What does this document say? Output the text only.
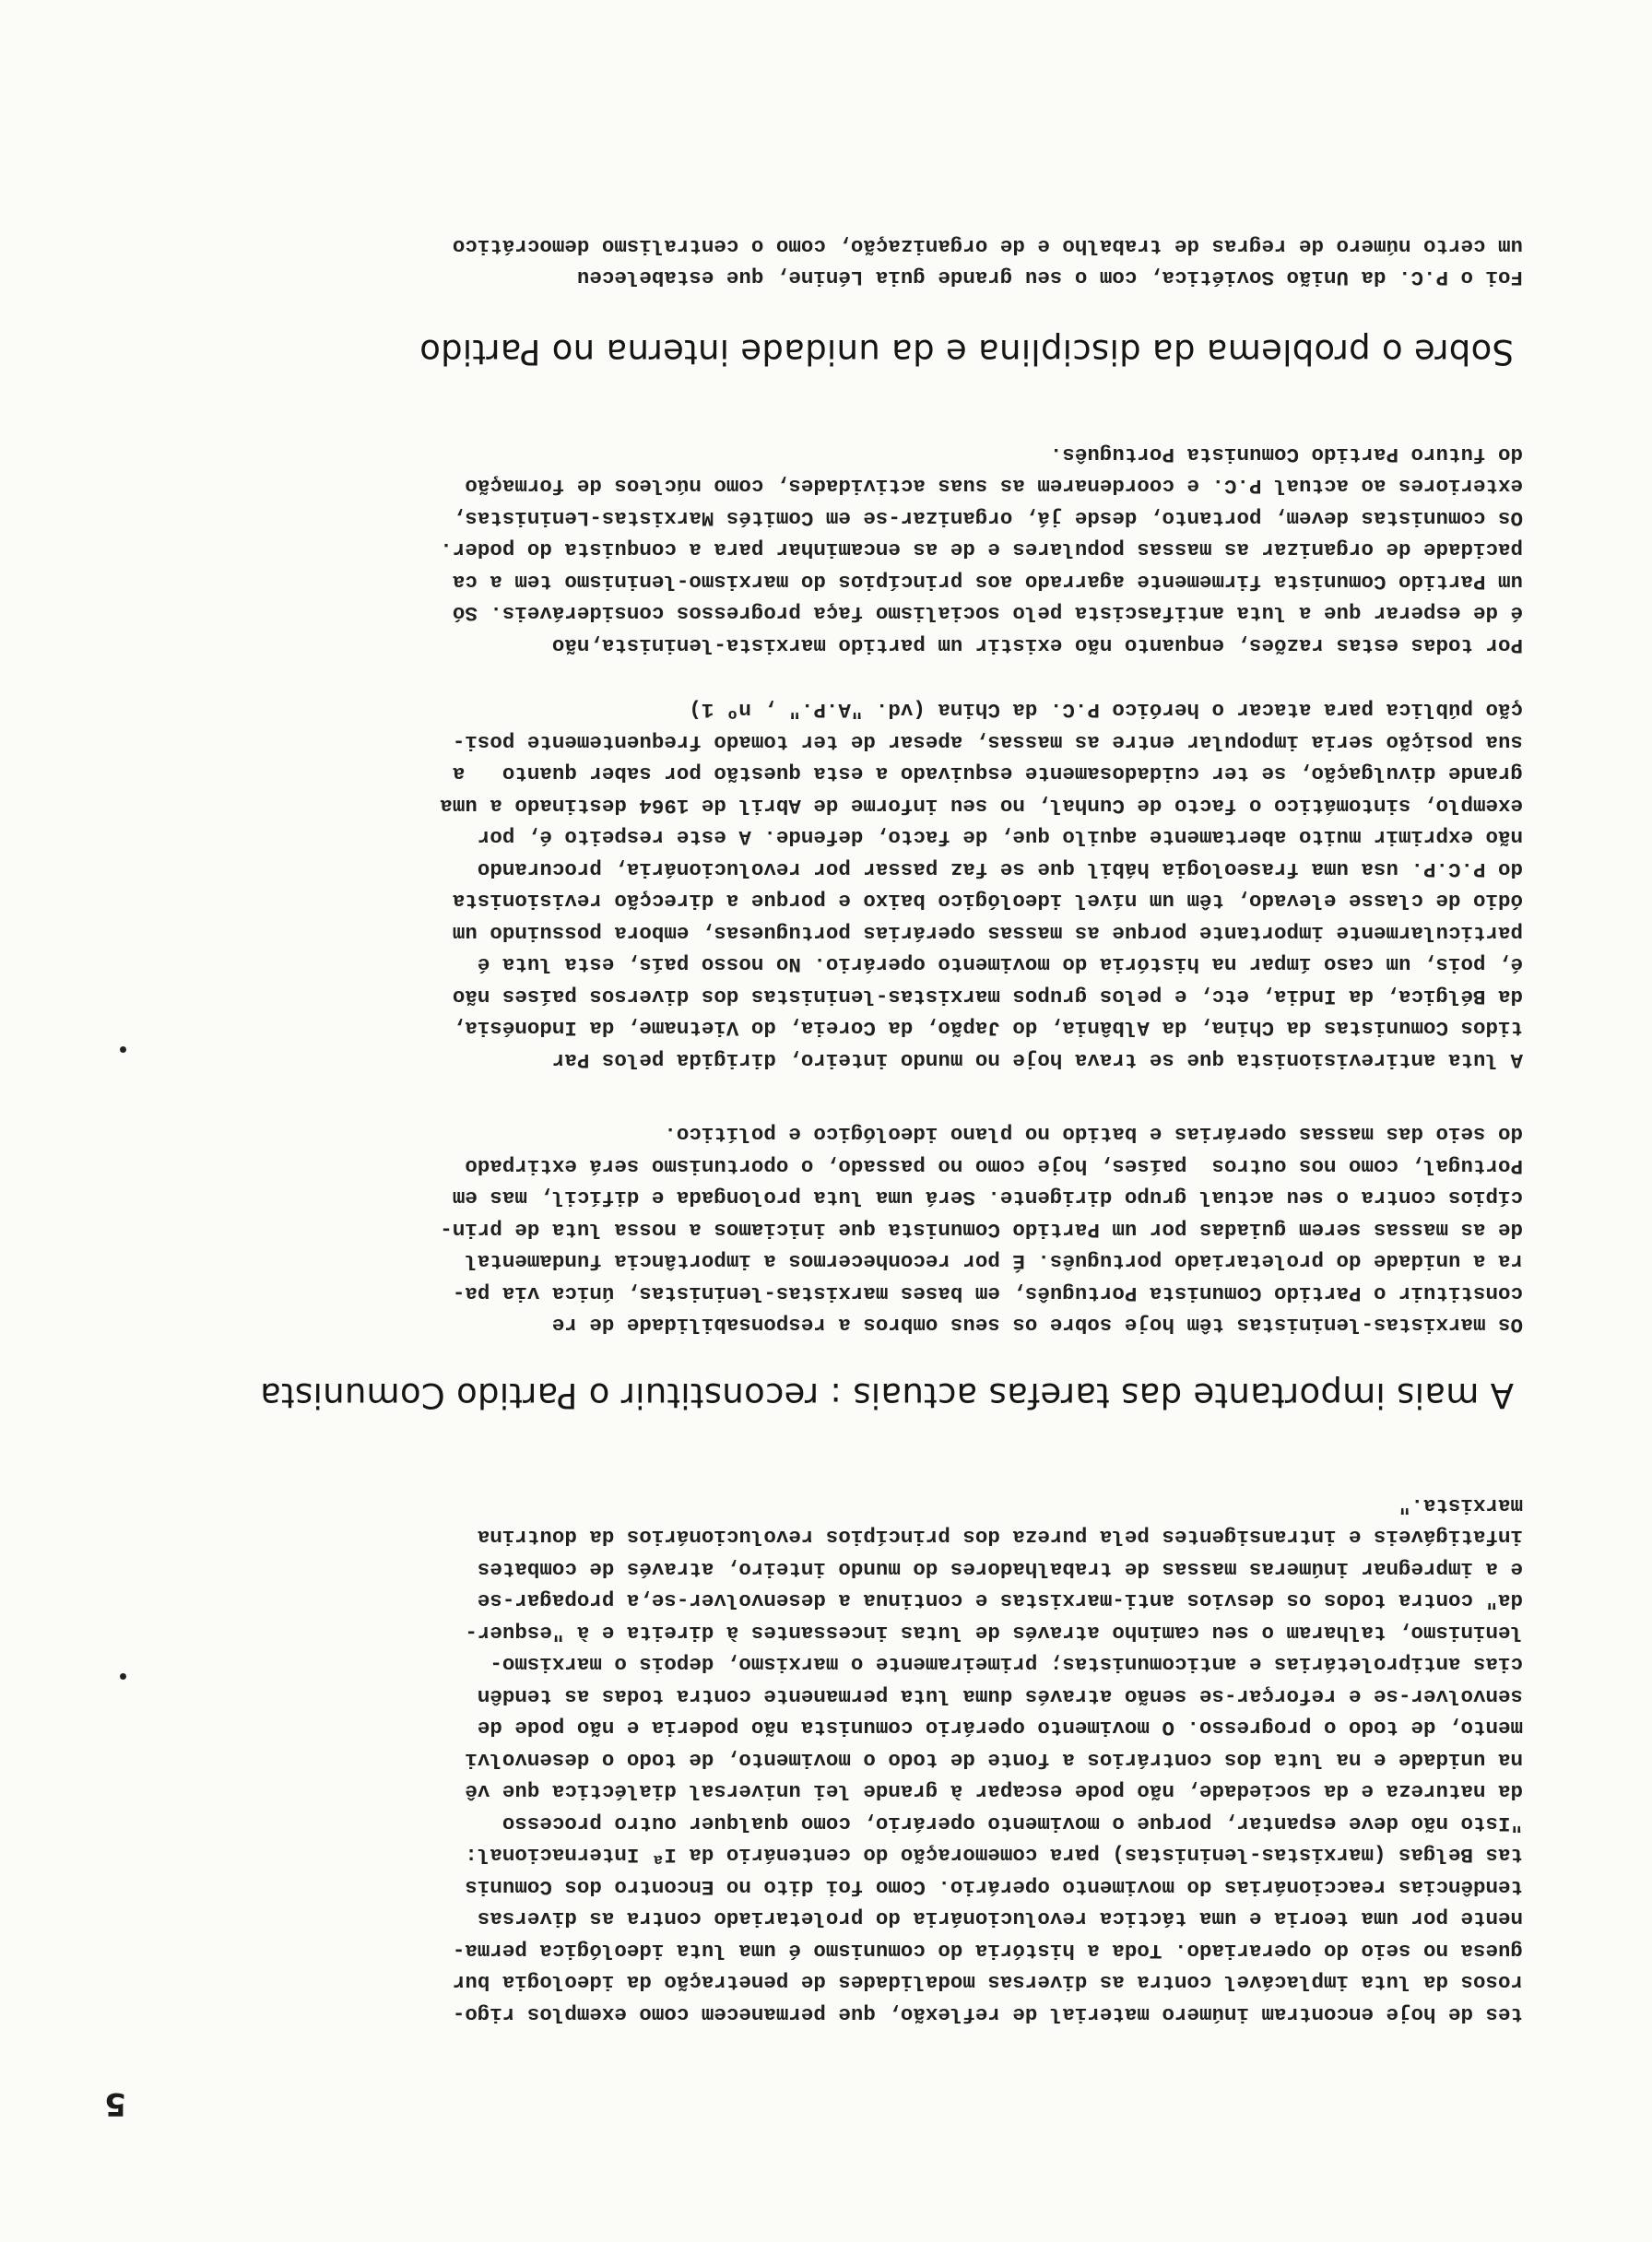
5

tes de hoje encontram inúmero material de reflexão, que permanecem como exemplos rigo-
rosos da luta implacável contra as diversas modalidades de penetração da ideologia bur
guesa no seio do operariado. Toda a história do comunismo é uma luta ideológica perma-
nente por uma teoria e uma táctica revolucionária do proletariado contra as diversas
tendências reaccionárias do movimento operário. Como foi dito no Encontro dos Comunis
tas Belgas (marxistas-leninistas) para comemoração do centenário da Iª Internacional:
"Isto não deve espantar, porque o movimento operário, como qualquer outro processo
da natureza e da sociedade, não pode escapar à grande lei universal dialéctica que vê
na unidade e na luta dos contrários a fonte de todo o movimento, de todo o desenvolvi
mento, de todo o progresso. O movimento operário comunista não poderia e não pode de
senvolver-se e reforçar-se senão através duma luta permanente contra todas as tendên
cias antiproletárias e anticomunistas; primeiramente o marxismo, depois o marxismo-
leninismo, talharam o seu caminho através de lutas incessantes à direita e à "esquer-
da" contra todos os desvios anti-marxistas e continua a desenvolver-se,a propagar-se
e a impregnar inúmeras massas de trabalhadores do mundo inteiro, através de combates
infatigáveis e intransigentes pela pureza dos princípios revolucionários da doutrina
marxista."

A mais importante das tarefas actuais : reconstituir o Partido Comunista

Os marxistas-leninistas têm hoje sobre os seus ombros a responsabilidade de re
constituir o Partido Comunista Português, em bases marxistas-leninistas, única via pa-
ra a unidade do proletariado português. É por reconhecermos a importância fundamental
de as massas serem guiadas por um Partido Comunista que iniciamos a nossa luta de prin-
cípios contra o seu actual grupo dirigente. Será uma luta prolongada e difícil, mas em
Portugal, como nos outros  países, hoje como no passado, o oportunismo será extirpado
do seio das massas operárias e batido no plano ideológico e político.

A luta antirevisionista que se trava hoje no mundo inteiro, dirigida pelos Par
tidos Comunistas da China, da Albânia, do Japão, da Coreia, do Vietname, da Indonésia,
da Bélgica, da India, etc, e pelos grupos marxistas-leninistas dos diversos países não
é, pois, um caso ímpar na história do movimento operário. No nosso país, esta luta é
particularmente importante porque as massas operárias portuguesas, embora possuindo um
ódio de classe elevado, têm um nível ideológico baixo e porque a direcção revisionista
do P.C.P. usa uma fraseologia hábil que se faz passar por revolucionária, procurando
não exprimir muito abertamente aquilo que, de facto, defende. A este respeito é, por
exemplo, sintomático o facto de Cunhal, no seu informe de Abril de 1964 destinado a uma
grande divulgação, se ter cuidadosamente esquivado a esta questão por saber quanto   a
sua posição seria impopular entre as massas, apesar de ter tomado frequentemente posi-
ção pública para atacar o heróico P.C. da China (vd. "A.P." , nº 1)

Por todas estas razões, enquanto não existir um partido marxista-leninista,não
é de esperar que a luta antifascista pelo socialismo faça progressos consideráveis. Só
um Partido Comunista firmemente agarrado aos princípios do marxismo-leninismo tem a ca
pacidade de organizar as massas populares e de as encaminhar para a conquista do poder.
Os comunistas devem, portanto, desde já, organizar-se em Comités Marxistas-Leninistas,
exteriores ao actual P.C. e coordenarem as suas actividades, como núcleos de formação
do futuro Partido Comunista Português.

Sobre o problema da disciplina e da unidade interna no Partido

Foi o P.C. da União Soviética, com o seu grande guia Lénine, que estabeleceu
um certo número de regras de trabalho e de organização, como o centralismo democrático
